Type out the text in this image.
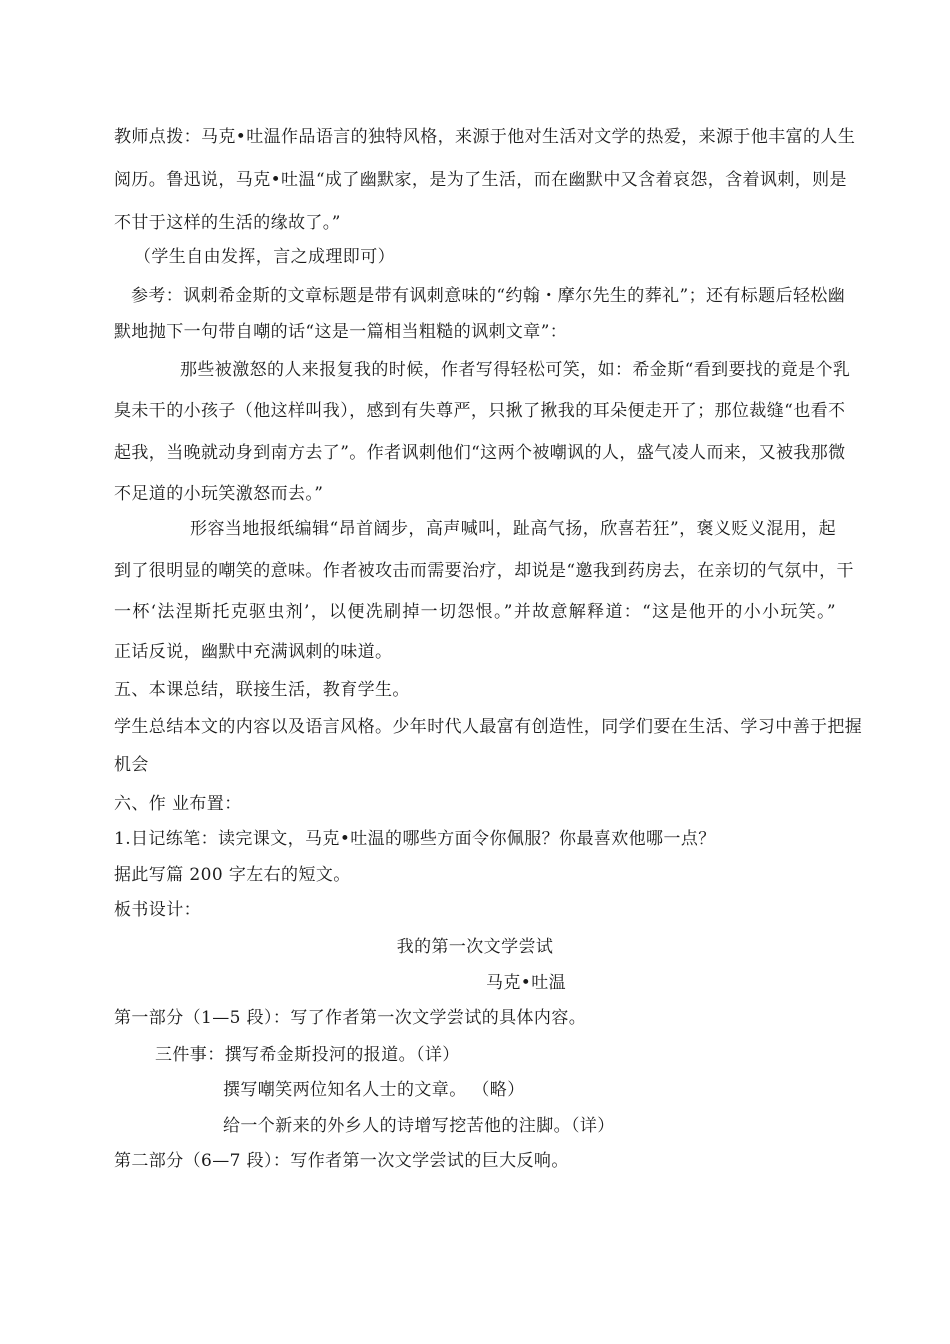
教师点拨：马克•吐温作品语言的独特风格，来源于他对生活对文学的热爱，来源于他丰富的人生
阅历。鲁迅说，马克•吐温“成了幽默家，是为了生活，而在幽默中又含着哀怨，含着讽刺，则是
不甘于这样的生活的缘故了。”
（学生自由发挥，言之成理即可）
参考：讽刺希金斯的文章标题是带有讽刺意味的“约翰・摩尔先生的葬礼”；还有标题后轻松幽
默地抛下一句带自嘲的话“这是一篇相当粗糙的讽刺文章”：
那些被激怒的人来报复我的时候，作者写得轻松可笑，如：希金斯“看到要找的竟是个乳
臭未干的小孩子（他这样叫我），感到有失尊严，只揪了揪我的耳朵便走开了；那位裁缝“也看不
起我，当晚就动身到南方去了”。作者讽刺他们“这两个被嘲讽的人，盛气凌人而来，又被我那微
不足道的小玩笑激怒而去。”
形容当地报纸编辑“昂首阔步，高声喊叫，趾高气扬，欣喜若狂”，褒义贬义混用，起
到了很明显的嘲笑的意味。作者被攻击而需要治疗，却说是“邀我到药房去，在亲切的气氛中，干
一杯‘法涅斯托克驱虫剂’，以便冼刷掉一切怨恨。”并故意解释道：“这是他开的小小玩笑。”
正话反说，幽默中充满讽刺的味道。
五、本课总结，联接生活，教育学生。
学生总结本文的内容以及语言风格。少年时代人最富有创造性，同学们要在生活、学习中善于把握
机会
六、作 业布置：
1.日记练笔：读完课文，马克•吐温的哪些方面令你佩服？你最喜欢他哪一点？
据此写篇 200 字左右的短文。
板书设计：
我的第一次文学尝试
马克•吐温
第一部分（1—5 段）：写了作者第一次文学尝试的具体内容。
三件事：撰写希金斯投河的报道。（详）
撰写嘲笑两位知名人士的文章。 （略）
给一个新来的外乡人的诗增写挖苦他的注脚。（详）
第二部分（6—7 段）：写作者第一次文学尝试的巨大反响。
